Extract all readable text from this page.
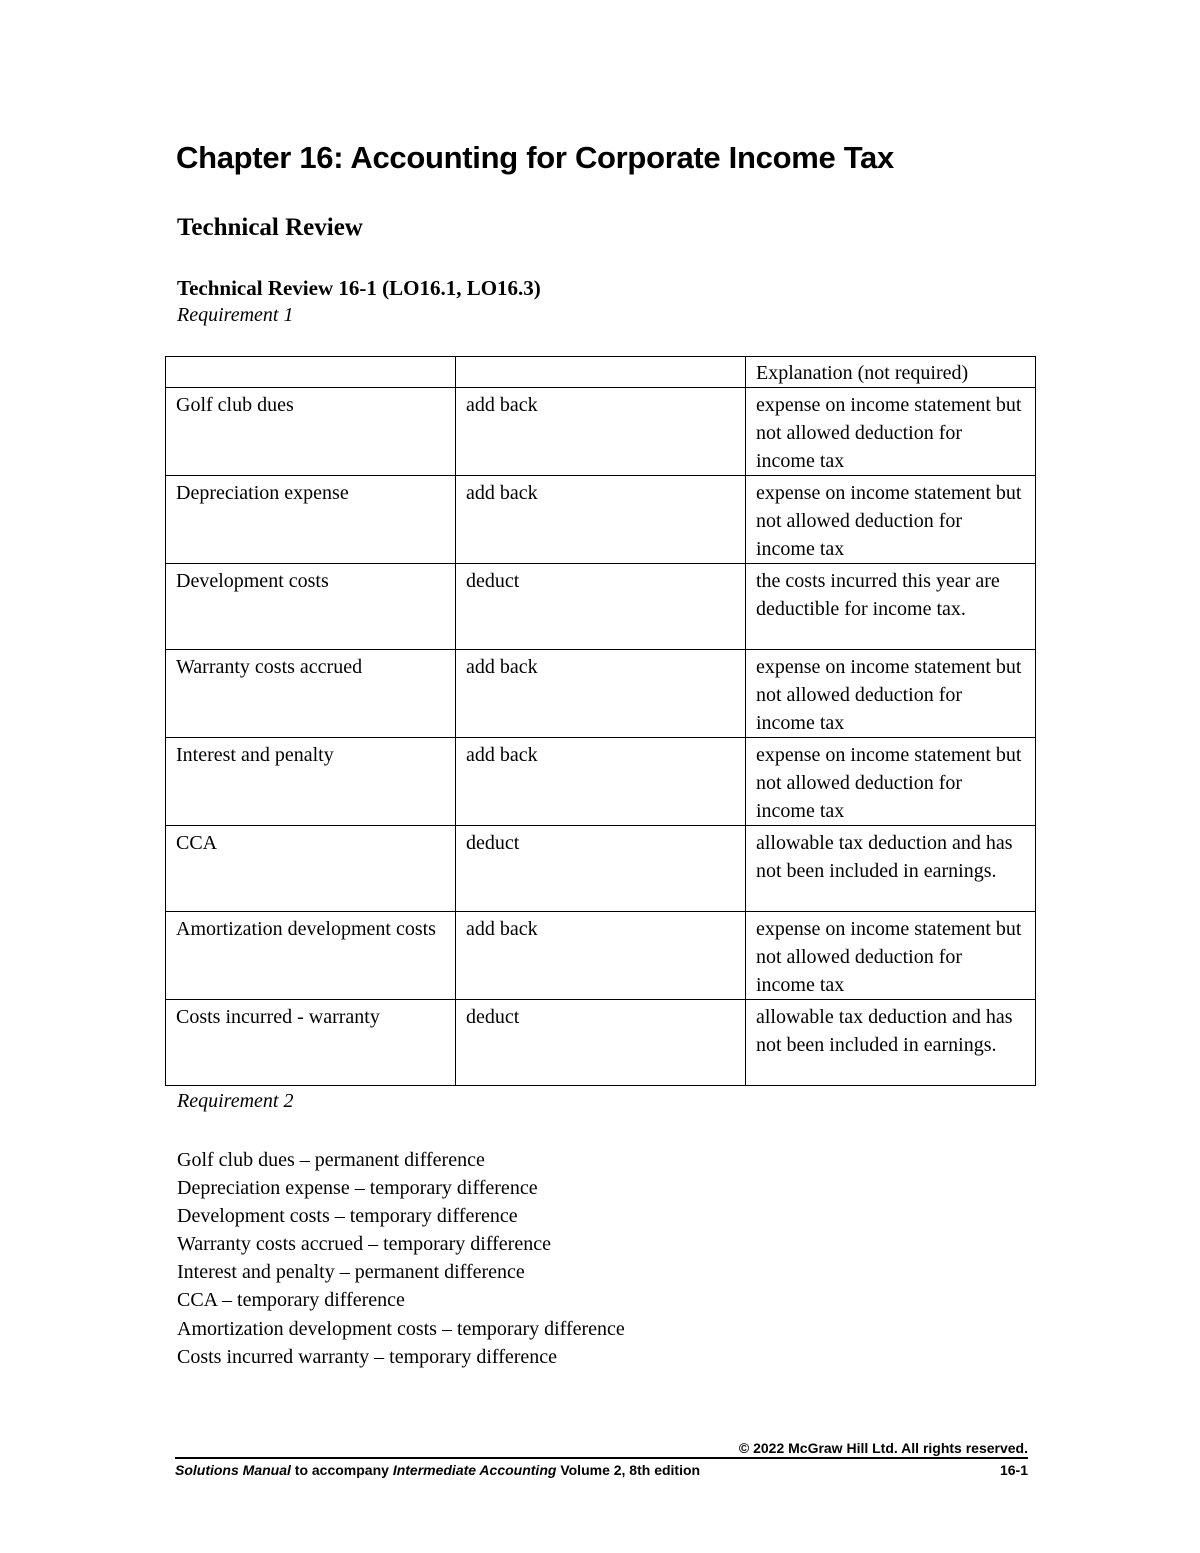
Chapter 16: Accounting for Corporate Income Tax
Technical Review

Technical Review 16-1 (LO16.1, LO16.3)

Requirement 1

		Explanation (not required)
Golf club dues	add back	expense on income statement but not allowed deduction for income tax
Depreciation expense	add back	expense on income statement but not allowed deduction for income tax
Development costs	deduct	the costs incurred this year are deductible for income tax.
Warranty costs accrued	add back	expense on income statement but not allowed deduction for income tax
Interest and penalty	add back	expense on income statement but not allowed deduction for income tax
CCA	deduct	allowable tax deduction and has not been included in earnings.
Amortization development costs	add back	expense on income statement but not allowed deduction for income tax
Costs incurred - warranty	deduct	allowable tax deduction and has not been included in earnings.

Requirement 2

Golf club dues – permanent difference
Depreciation expense – temporary difference
Development costs – temporary difference
Warranty costs accrued – temporary difference
Interest and penalty – permanent difference
CCA – temporary difference
Amortization development costs – temporary difference
Costs incurred warranty – temporary difference
© 2022 McGraw Hill Ltd. All rights reserved.
Solutions Manual to accompany Intermediate Accounting Volume 2, 8th edition	16-1
